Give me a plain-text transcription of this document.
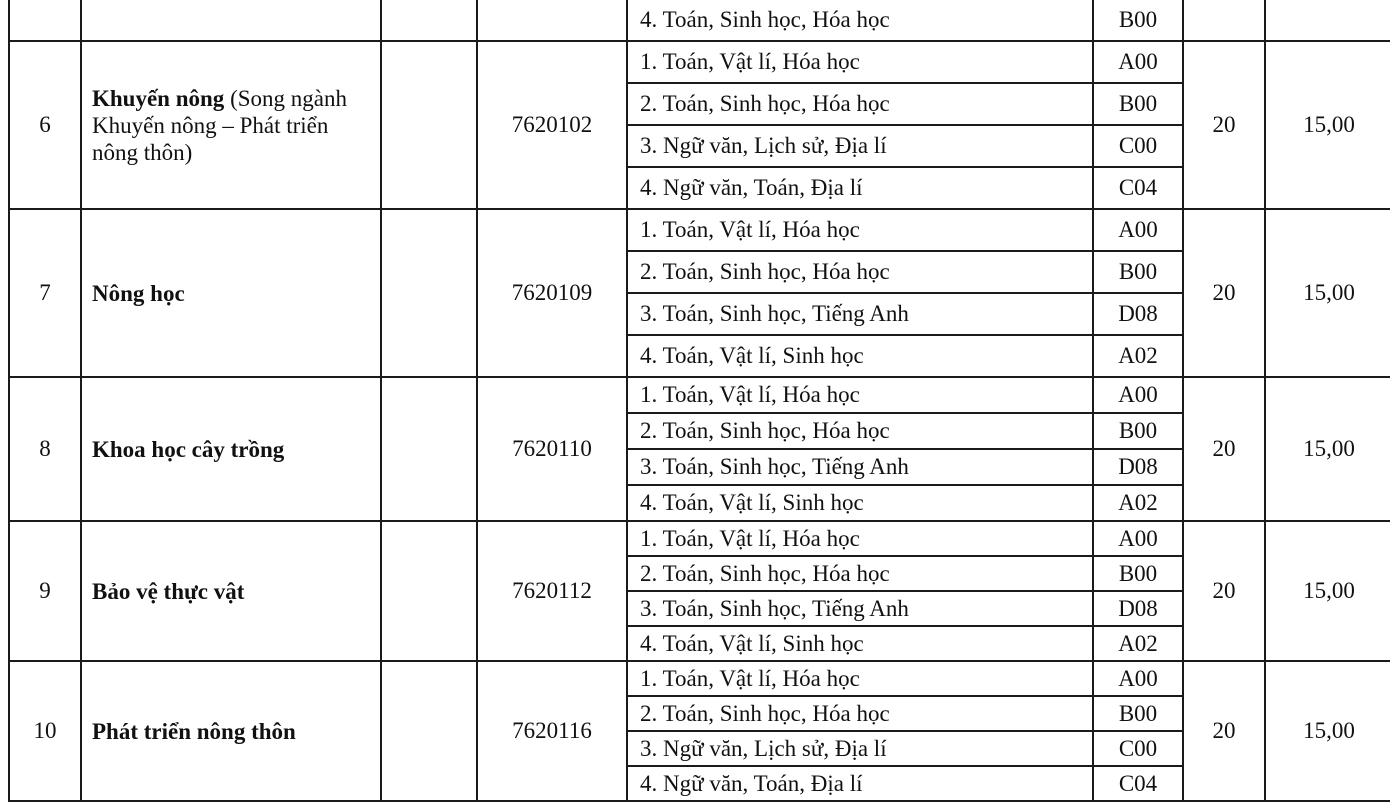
				4. Toán, Sinh học, Hóa học	B00		
6	Khuyến nông (Song ngành Khuyến nông – Phát triển nông thôn)		7620102	1. Toán, Vật lí, Hóa học	A00	20	15,00
				2. Toán, Sinh học, Hóa học	B00		
				3. Ngữ văn, Lịch sử, Địa lí	C00		
				4. Ngữ văn, Toán, Địa lí	C04		
7	Nông học		7620109	1. Toán, Vật lí, Hóa học	A00	20	15,00
				2. Toán, Sinh học, Hóa học	B00		
				3. Toán, Sinh học, Tiếng Anh	D08		
				4. Toán, Vật lí, Sinh học	A02		
8	Khoa học cây trồng		7620110	1. Toán, Vật lí, Hóa học	A00	20	15,00
				2. Toán, Sinh học, Hóa học	B00		
				3. Toán, Sinh học, Tiếng Anh	D08		
				4. Toán, Vật lí, Sinh học	A02		
9	Bảo vệ thực vật		7620112	1. Toán, Vật lí, Hóa học	A00	20	15,00
				2. Toán, Sinh học, Hóa học	B00		
				3. Toán, Sinh học, Tiếng Anh	D08		
				4. Toán, Vật lí, Sinh học	A02		
10	Phát triển nông thôn		7620116	1. Toán, Vật lí, Hóa học	A00	20	15,00
				2. Toán, Sinh học, Hóa học	B00		
				3. Ngữ văn, Lịch sử, Địa lí	C00		
				4. Ngữ văn, Toán, Địa lí	C04		
